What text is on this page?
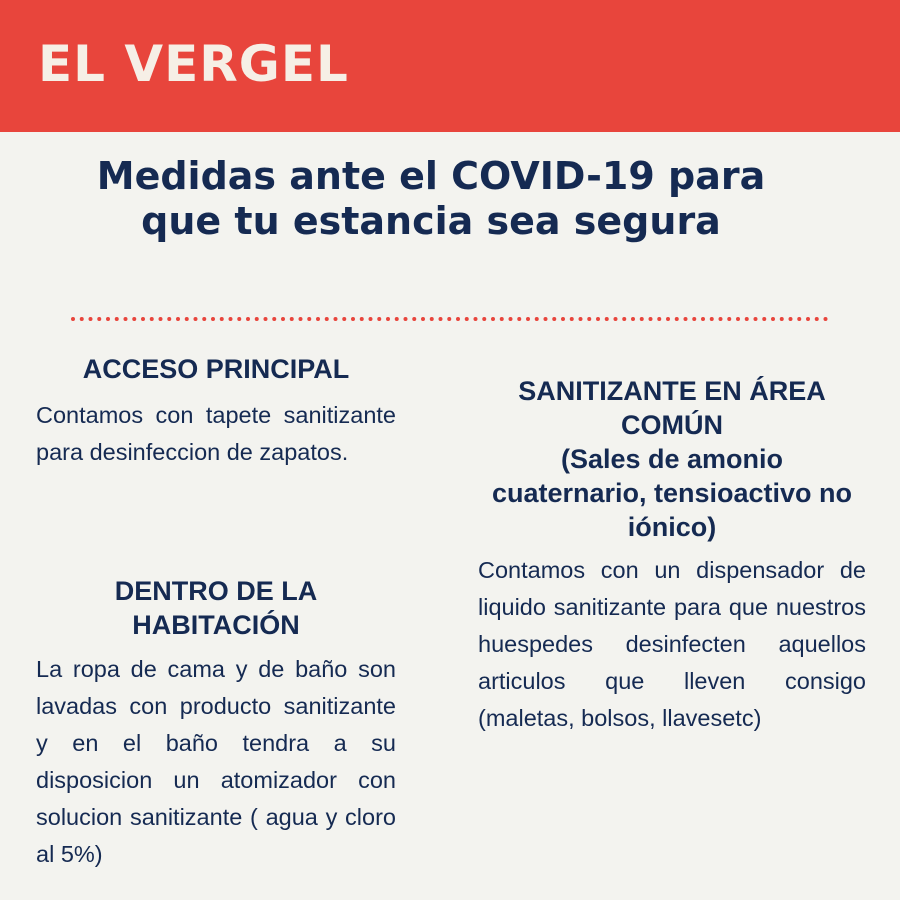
EL VERGEL
Medidas ante el COVID-19 para
que tu estancia sea segura
ACCESO PRINCIPAL

Contamos con tapete sanitizante para desinfeccion de zapatos.

DENTRO DE LA
HABITACIÓN

La ropa de cama y de baño son lavadas con producto sanitizante y en el baño tendra a su disposicion un atomizador con solucion sanitizante ( agua y cloro al 5%)

SANITIZANTE EN ÁREA
COMÚN
(Sales de amonio
cuaternario, tensioactivo no
iónico)

Contamos con un dispensador de liquido sanitizante para que nuestros huespedes desinfecten aquellos articulos que lleven consigo (maletas, bolsos, llavesetc)
